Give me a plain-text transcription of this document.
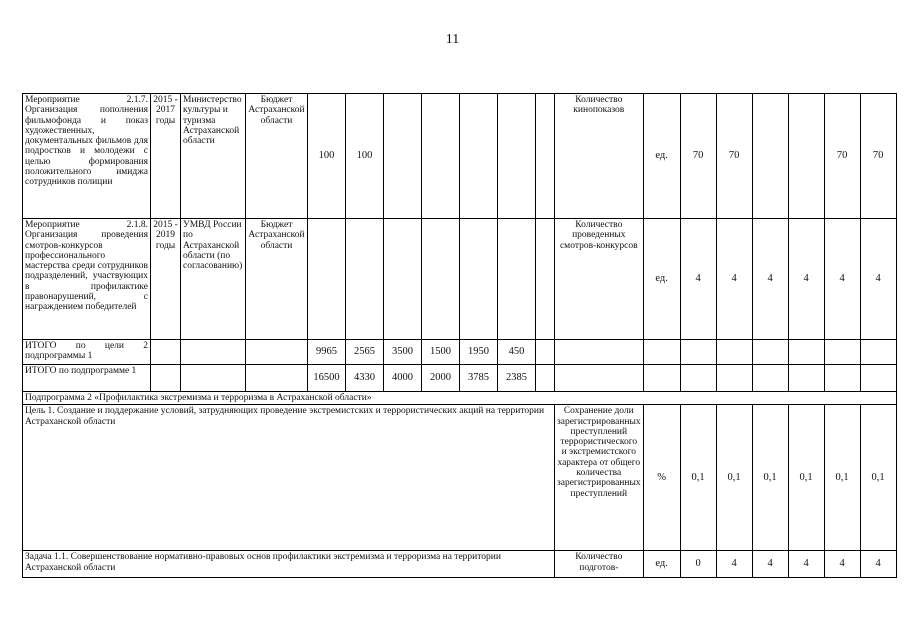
11
Мероприятие 2.1.7. Организация пополнения фильмофонда и показ художественных, документальных фильмов для подростков и молодежи с целью формирования положительного имиджа сотрудников полиции	2015 - 2017 годы	Министерство культуры и туризма Астраханской области	Бюджет Астраханской области	100	100						Количество кинопоказов	ед.	70	70			70	70
Мероприятие 2.1.8. Организация проведения смотров-конкурсов профессионального мастерства среди сотрудников подразделений, участвующих в профилактике правонарушений, с награждением победителей	2015 - 2019 годы	УМВД России по Астраханской области (по согласованию)	Бюджет Астраханской области								Количество проведенных смотров-конкурсов	ед.	4	4	4	4	4	4
ИТОГО по цели 2 подпрограммы 1				9965	2565	3500	1500	1950	450									
ИТОГО по подпрограмме 1				16500	4330	4000	2000	3785	2385									
Подпрограмма 2 «Профилактика экстремизма и терроризма в Астраханской области»																		
Цель 1. Создание и поддержание условий, затрудняющих проведение экстремистских и террористических акций на территории Астраханской области											Сохранение доли зарегистрированных преступлений террористического и экстремистского характера от общего количества зарегистрированных преступлений	%	0,1	0,1	0,1	0,1	0,1	0,1
Задача 1.1. Совершенствование нормативно-правовых основ профилактики экстремизма и терроризма на территории Астраханской области											Количество подготов-	ед.	0	4	4	4	4	4
